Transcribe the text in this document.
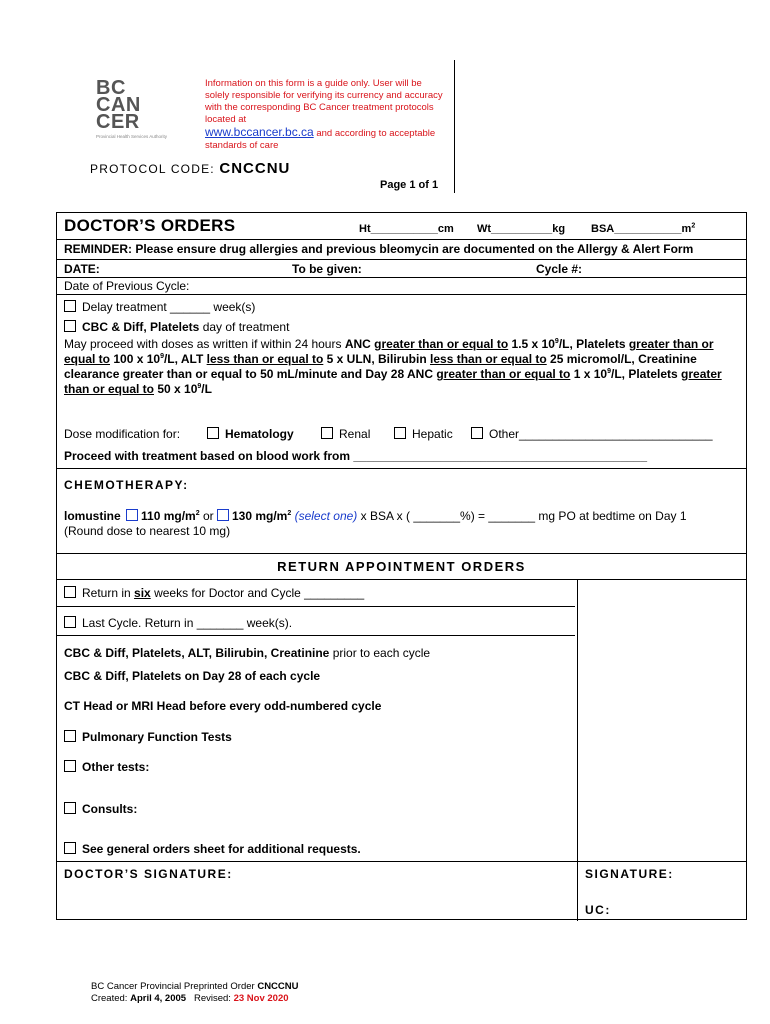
BC
CAN
CER
Provincial Health Services Authority
Information on this form is a guide only. User will be solely responsible for verifying its currency and accuracy with the corresponding BC Cancer treatment protocols located at
www.bccancer.bc.ca and according to acceptable standards of care
PROTOCOL CODE: CNCCNU
Page 1 of 1
DOCTOR’S ORDERS	Ht___________cm Wt__________kg $BSA\_\_\_\_\_\_\_\_\_\_\_m^2$
REMINDER: Please ensure drug allergies and previous bleomycin are documented on the Allergy & Alert Form
DATE:	To be given:	Cycle #:
Date of Previous Cycle:
Delay treatment ______ week(s)
CBC & Diff, Platelets day of treatment
May proceed with doses as written if within 24 hours ANC greater than or equal to 1.5 x $10^9/L$, Platelets greater than or equal to 100 x $10^9/L$, ALT less than or equal to 5 x ULN, Bilirubin less than or equal to 25 micromol/L, Creatinine clearance greater than or equal to 50 mL/minute and Day 28 ANC greater than or equal to 1 x $10^9/L$, Platelets greater than or equal to 50 x $10^9/L$
Dose modification for:	Hematology	Renal	Hepatic	Other_____________________________
Proceed with treatment based on blood work from ____________________________________________
CHEMOTHERAPY:
lomustine 110 $mg/m^2$ or 130 $mg/m^2$ (select one) x BSA x ( _______%) = _______ mg PO at bedtime on Day 1
(Round dose to nearest 10 mg)
RETURN APPOINTMENT ORDERS
Return in six weeks for Doctor and Cycle _________
Last Cycle. Return in _______ week(s).
CBC & Diff, Platelets, ALT, Bilirubin, Creatinine prior to each cycle
CBC & Diff, Platelets on Day 28 of each cycle
CT Head or MRI Head before every odd-numbered cycle
Pulmonary Function Tests
Other tests:
Consults:
See general orders sheet for additional requests.
DOCTOR’S SIGNATURE:	SIGNATURE:
UC:
BC Cancer Provincial Preprinted Order CNCCNU
Created: April 4, 2005 Revised: 23 Nov 2020
